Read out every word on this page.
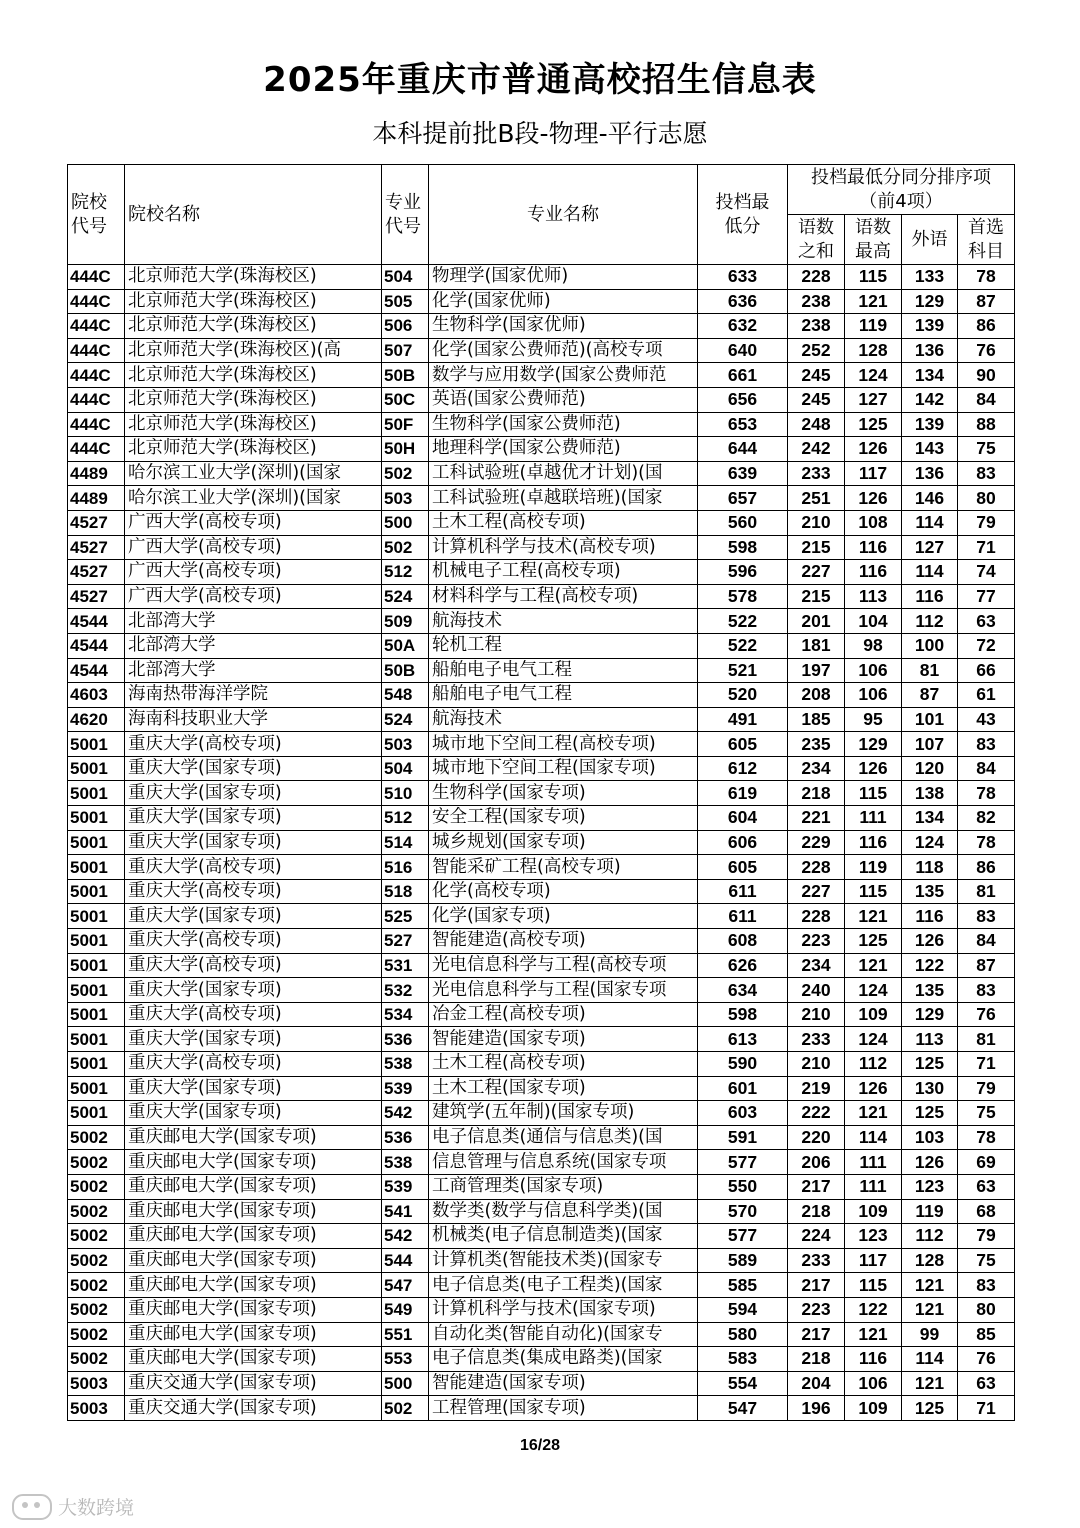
2025年重庆市普通高校招生信息表
本科提前批B段-物理-平行志愿
院校代号	院校名称	专业代号	专业名称	投档最低分	投档最低分同分排序项（前4项）			

					语数之和	语数最高	外语	首选科目

444C	北京师范大学(珠海校区)	504	物理学(国家优师)	633	228	115	133	78
444C	北京师范大学(珠海校区)	505	化学(国家优师)	636	238	121	129	87
444C	北京师范大学(珠海校区)	506	生物科学(国家优师)	632	238	119	139	86
444C	北京师范大学(珠海校区)(高	507	化学(国家公费师范)(高校专项	640	252	128	136	76
444C	北京师范大学(珠海校区)	50B	数学与应用数学(国家公费师范	661	245	124	134	90
444C	北京师范大学(珠海校区)	50C	英语(国家公费师范)	656	245	127	142	84
444C	北京师范大学(珠海校区)	50F	生物科学(国家公费师范)	653	248	125	139	88
444C	北京师范大学(珠海校区)	50H	地理科学(国家公费师范)	644	242	126	143	75
4489	哈尔滨工业大学(深圳)(国家	502	工科试验班(卓越优才计划)(国	639	233	117	136	83
4489	哈尔滨工业大学(深圳)(国家	503	工科试验班(卓越联培班)(国家	657	251	126	146	80
4527	广西大学(高校专项)	500	土木工程(高校专项)	560	210	108	114	79
4527	广西大学(高校专项)	502	计算机科学与技术(高校专项)	598	215	116	127	71
4527	广西大学(高校专项)	512	机械电子工程(高校专项)	596	227	116	114	74
4527	广西大学(高校专项)	524	材料科学与工程(高校专项)	578	215	113	116	77
4544	北部湾大学	509	航海技术	522	201	104	112	63
4544	北部湾大学	50A	轮机工程	522	181	98	100	72
4544	北部湾大学	50B	船舶电子电气工程	521	197	106	81	66
4603	海南热带海洋学院	548	船舶电子电气工程	520	208	106	87	61
4620	海南科技职业大学	524	航海技术	491	185	95	101	43
5001	重庆大学(高校专项)	503	城市地下空间工程(高校专项)	605	235	129	107	83
5001	重庆大学(国家专项)	504	城市地下空间工程(国家专项)	612	234	126	120	84
5001	重庆大学(国家专项)	510	生物科学(国家专项)	619	218	115	138	78
5001	重庆大学(国家专项)	512	安全工程(国家专项)	604	221	111	134	82
5001	重庆大学(国家专项)	514	城乡规划(国家专项)	606	229	116	124	78
5001	重庆大学(高校专项)	516	智能采矿工程(高校专项)	605	228	119	118	86
5001	重庆大学(高校专项)	518	化学(高校专项)	611	227	115	135	81
5001	重庆大学(国家专项)	525	化学(国家专项)	611	228	121	116	83
5001	重庆大学(高校专项)	527	智能建造(高校专项)	608	223	125	126	84
5001	重庆大学(高校专项)	531	光电信息科学与工程(高校专项	626	234	121	122	87
5001	重庆大学(国家专项)	532	光电信息科学与工程(国家专项	634	240	124	135	83
5001	重庆大学(高校专项)	534	冶金工程(高校专项)	598	210	109	129	76
5001	重庆大学(国家专项)	536	智能建造(国家专项)	613	233	124	113	81
5001	重庆大学(高校专项)	538	土木工程(高校专项)	590	210	112	125	71
5001	重庆大学(国家专项)	539	土木工程(国家专项)	601	219	126	130	79
5001	重庆大学(国家专项)	542	建筑学(五年制)(国家专项)	603	222	121	125	75
5002	重庆邮电大学(国家专项)	536	电子信息类(通信与信息类)(国	591	220	114	103	78
5002	重庆邮电大学(国家专项)	538	信息管理与信息系统(国家专项	577	206	111	126	69
5002	重庆邮电大学(国家专项)	539	工商管理类(国家专项)	550	217	111	123	63
5002	重庆邮电大学(国家专项)	541	数学类(数学与信息科学类)(国	570	218	109	119	68
5002	重庆邮电大学(国家专项)	542	机械类(电子信息制造类)(国家	577	224	123	112	79
5002	重庆邮电大学(国家专项)	544	计算机类(智能技术类)(国家专	589	233	117	128	75
5002	重庆邮电大学(国家专项)	547	电子信息类(电子工程类)(国家	585	217	115	121	83
5002	重庆邮电大学(国家专项)	549	计算机科学与技术(国家专项)	594	223	122	121	80
5002	重庆邮电大学(国家专项)	551	自动化类(智能自动化)(国家专	580	217	121	99	85
5002	重庆邮电大学(国家专项)	553	电子信息类(集成电路类)(国家	583	218	116	114	76
5003	重庆交通大学(国家专项)	500	智能建造(国家专项)	554	204	106	121	63
5003	重庆交通大学(国家专项)	502	工程管理(国家专项)	547	196	109	125	71
16/28
大数跨境
